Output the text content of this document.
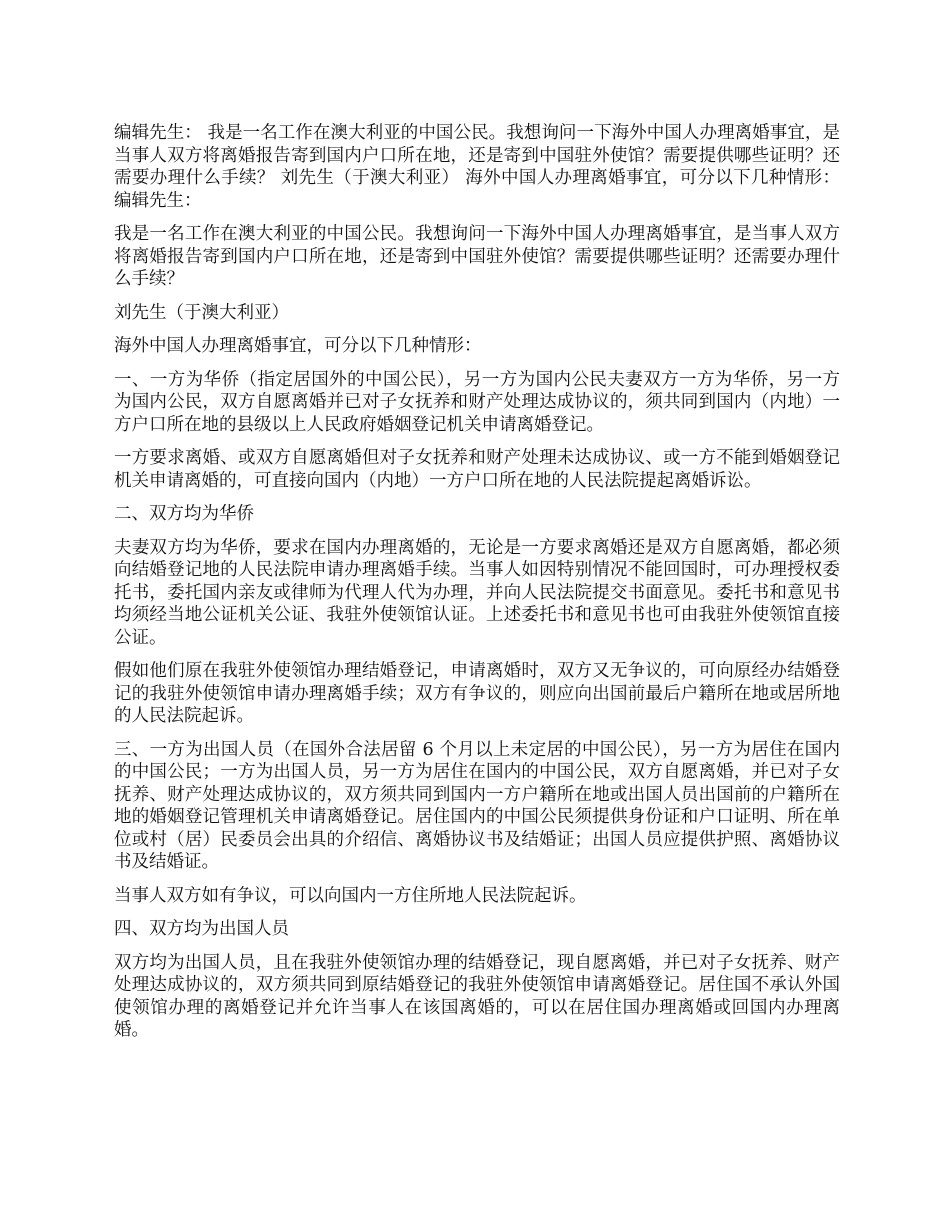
编辑先生： 我是一名工作在澳大利亚的中国公民。我想询问一下海外中国人办理离婚事宜，是当事人双方将离婚报告寄到国内户口所在地，还是寄到中国驻外使馆？需要提供哪些证明？还需要办理什么手续？ 刘先生（于澳大利亚） 海外中国人办理离婚事宜，可分以下几种情形： 编辑先生：

我是一名工作在澳大利亚的中国公民。我想询问一下海外中国人办理离婚事宜，是当事人双方将离婚报告寄到国内户口所在地，还是寄到中国驻外使馆？需要提供哪些证明？还需要办理什么手续？

刘先生（于澳大利亚）

海外中国人办理离婚事宜，可分以下几种情形：

一、一方为华侨（指定居国外的中国公民），另一方为国内公民夫妻双方一方为华侨，另一方为国内公民，双方自愿离婚并已对子女抚养和财产处理达成协议的，须共同到国内（内地）一方户口所在地的县级以上人民政府婚姻登记机关申请离婚登记。

一方要求离婚、或双方自愿离婚但对子女抚养和财产处理未达成协议、或一方不能到婚姻登记机关申请离婚的，可直接向国内（内地）一方户口所在地的人民法院提起离婚诉讼。

二、双方均为华侨

夫妻双方均为华侨，要求在国内办理离婚的，无论是一方要求离婚还是双方自愿离婚，都必须向结婚登记地的人民法院申请办理离婚手续。当事人如因特别情况不能回国时，可办理授权委托书，委托国内亲友或律师为代理人代为办理，并向人民法院提交书面意见。委托书和意见书均须经当地公证机关公证、我驻外使领馆认证。上述委托书和意见书也可由我驻外使领馆直接公证。

假如他们原在我驻外使领馆办理结婚登记，申请离婚时，双方又无争议的，可向原经办结婚登记的我驻外使领馆申请办理离婚手续；双方有争议的，则应向出国前最后户籍所在地或居所地的人民法院起诉。

三、一方为出国人员（在国外合法居留 6 个月以上未定居的中国公民），另一方为居住在国内的中国公民；一方为出国人员，另一方为居住在国内的中国公民，双方自愿离婚，并已对子女抚养、财产处理达成协议的，双方须共同到国内一方户籍所在地或出国人员出国前的户籍所在地的婚姻登记管理机关申请离婚登记。居住国内的中国公民须提供身份证和户口证明、所在单位或村（居）民委员会出具的介绍信、离婚协议书及结婚证；出国人员应提供护照、离婚协议书及结婚证。

当事人双方如有争议，可以向国内一方住所地人民法院起诉。

四、双方均为出国人员

双方均为出国人员，且在我驻外使领馆办理的结婚登记，现自愿离婚，并已对子女抚养、财产处理达成协议的，双方须共同到原结婚登记的我驻外使领馆申请离婚登记。居住国不承认外国使领馆办理的离婚登记并允许当事人在该国离婚的，可以在居住国办理离婚或回国内办理离婚。
